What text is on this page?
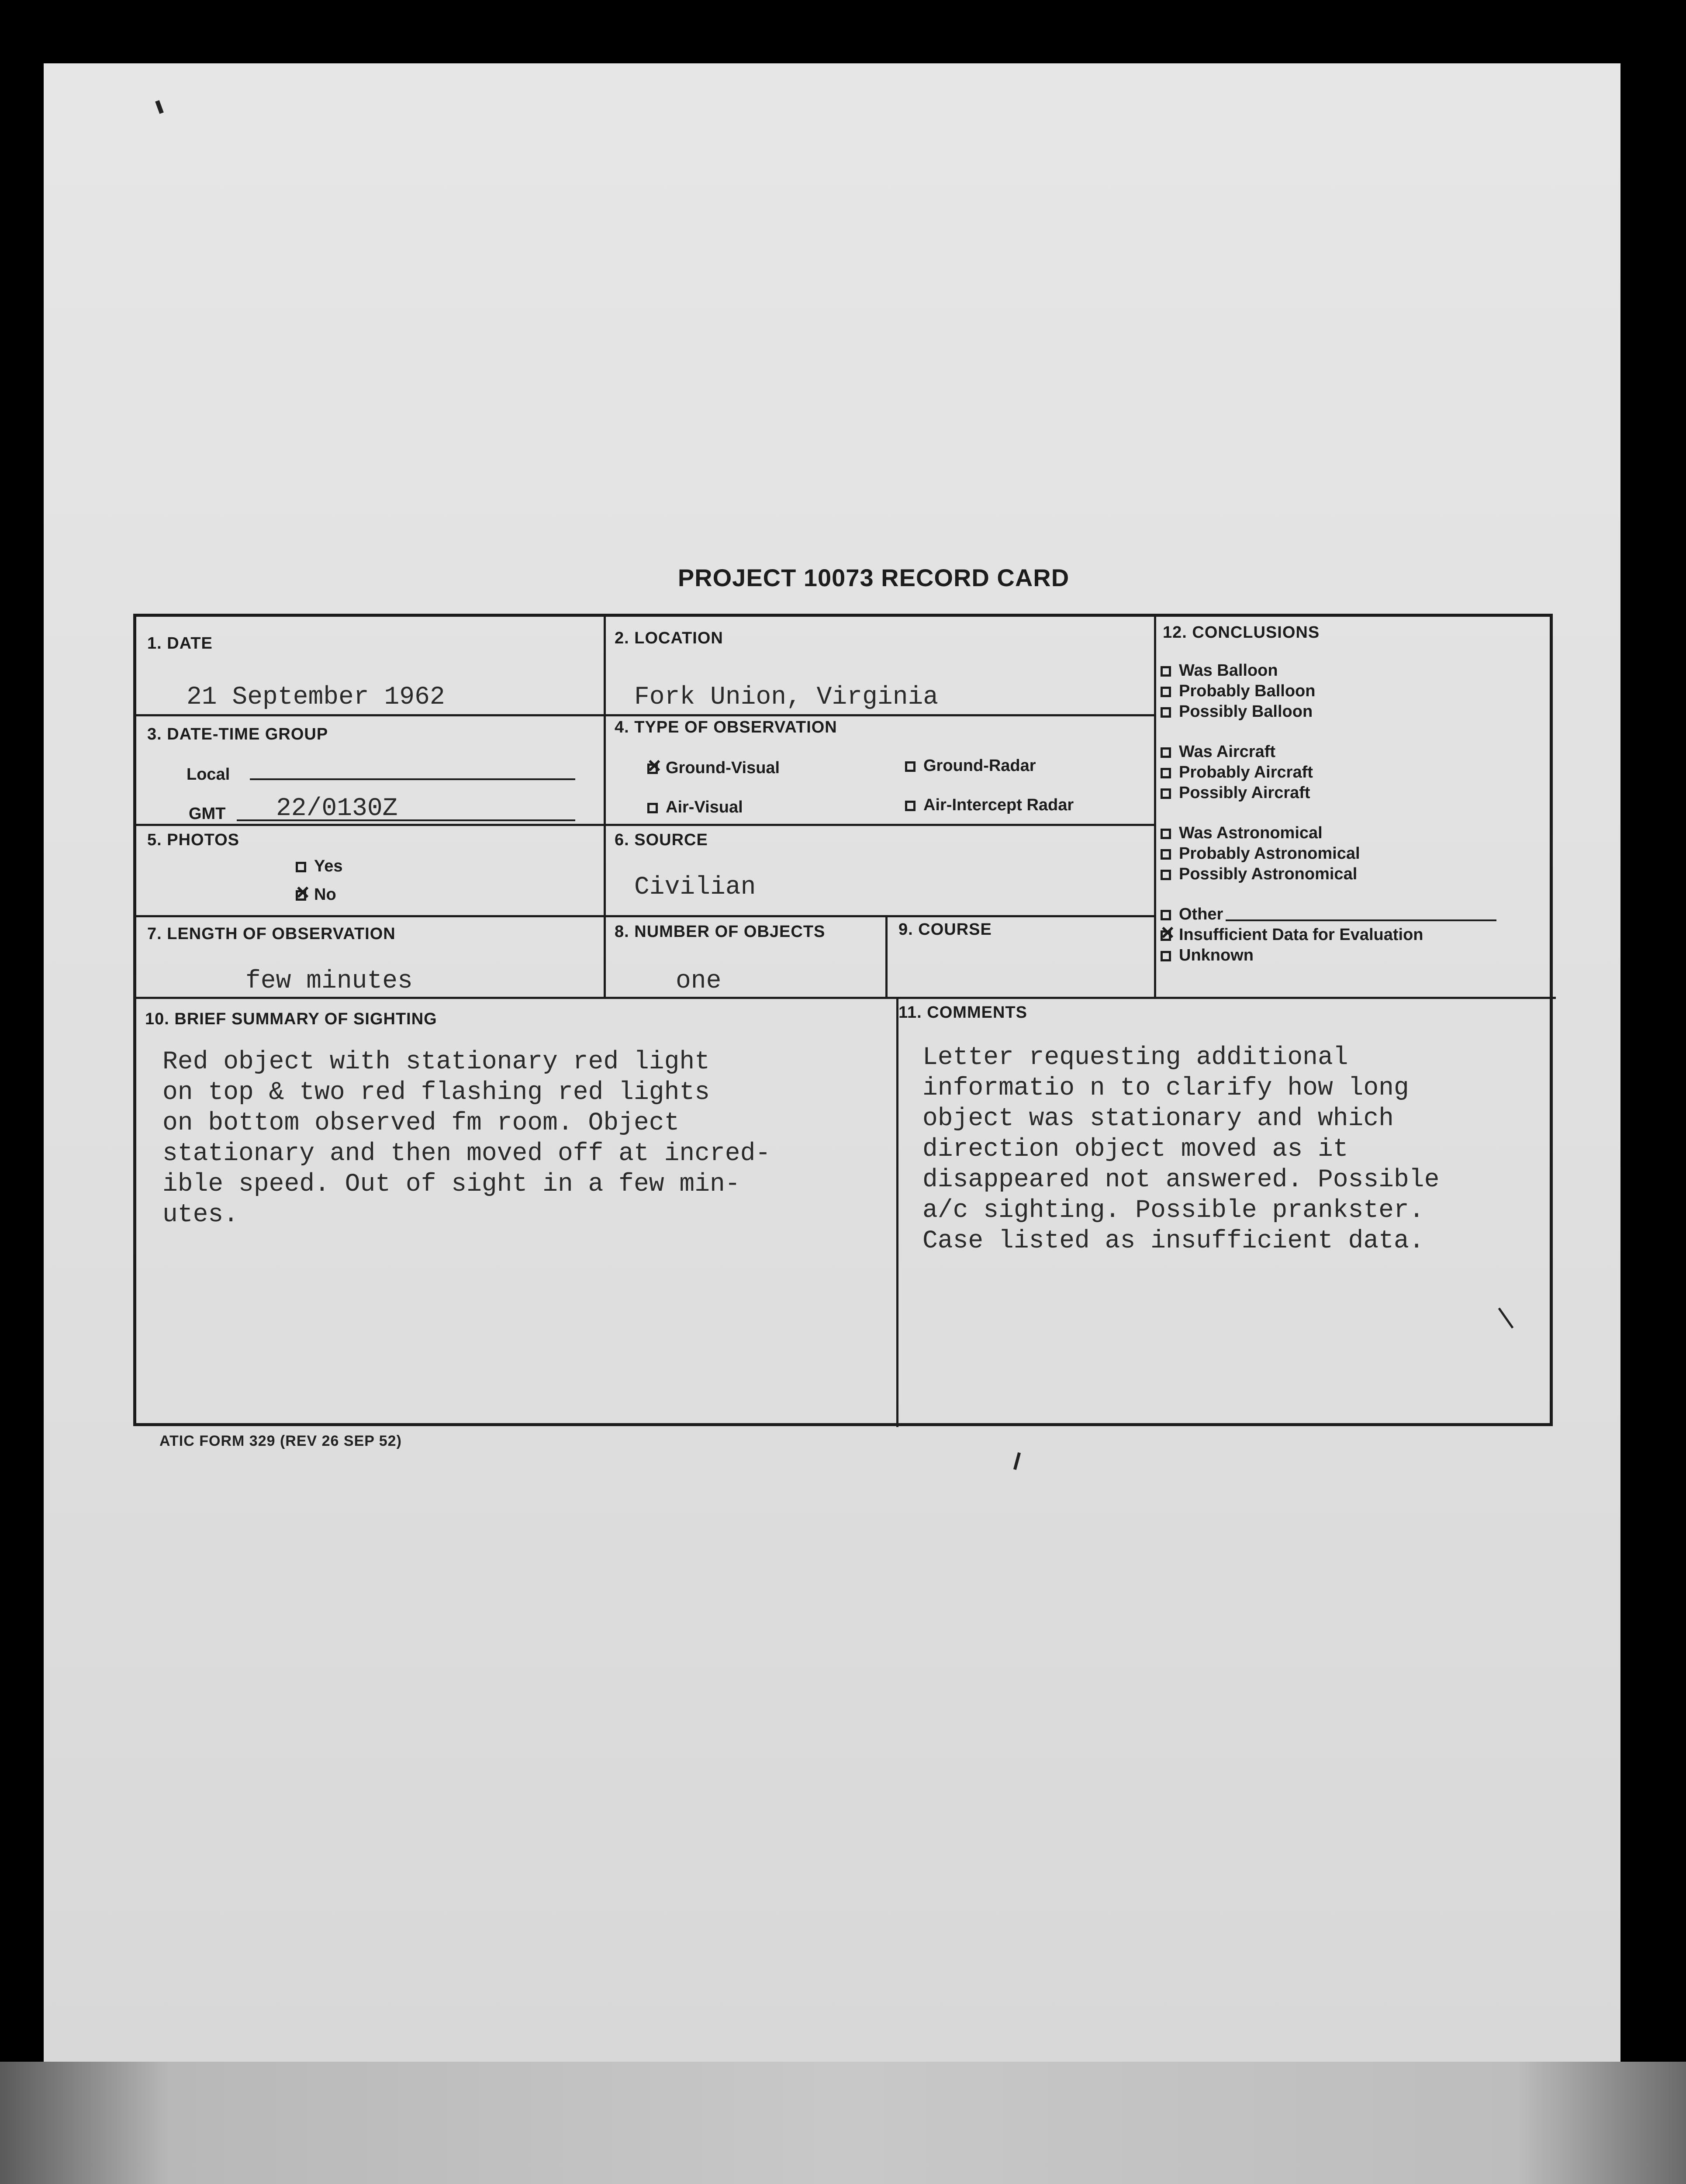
PROJECT 10073 RECORD CARD
1. DATE
21 September 1962
2. LOCATION
Fork Union, Virginia
3. DATE-TIME GROUP
Local
GMT 22/0130Z
4. TYPE OF OBSERVATION
×Ground-Visual	Ground-Radar
Air-Visual	Air-Intercept Radar
5. PHOTOS
Yes
×No
6. SOURCE
Civilian
7. LENGTH OF OBSERVATION
few minutes
8. NUMBER OF OBJECTS
one
9. COURSE
10. BRIEF SUMMARY OF SIGHTING
Red object with stationary red light
on top & two red flashing red lights
on bottom observed fm room. Object
stationary and then moved off at incred-
ible speed. Out of sight in a few min-
utes.
11. COMMENTS
Letter requesting additional
informatio n to clarify how long
object was stationary and which
direction object moved as it
disappeared not answered. Possible
a/c sighting. Possible prankster.
Case listed as insufficient data.
12. CONCLUSIONS
Was Balloon
Probably Balloon
Possibly Balloon
Was Aircraft
Probably Aircraft
Possibly Aircraft
Was Astronomical
Probably Astronomical
Possibly Astronomical
Other
×Insufficient Data for Evaluation
Unknown
ATIC FORM 329 (REV 26 SEP 52)
